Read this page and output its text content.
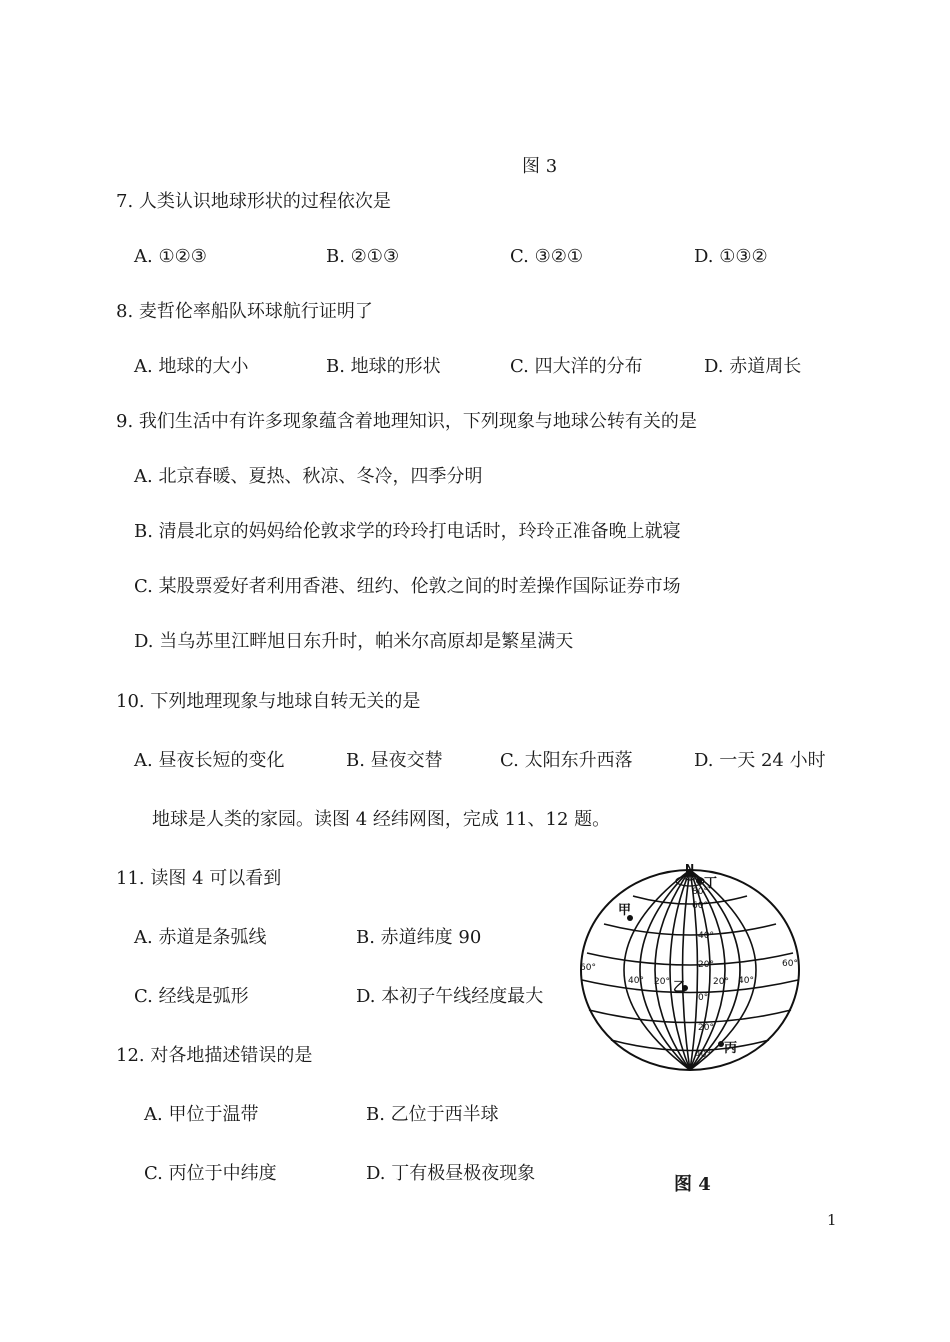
图 3
7. 人类认识地球形状的过程依次是
A. ①②③	B. ②①③	C. ③②①	D. ①③②
8. 麦哲伦率船队环球航行证明了
A. 地球的大小	B. 地球的形状	C. 四大洋的分布	D. 赤道周长
9. 我们生活中有许多现象蕴含着地理知识，下列现象与地球公转有关的是
A. 北京春暖、夏热、秋凉、冬冷，四季分明
B. 清晨北京的妈妈给伦敦求学的玲玲打电话时，玲玲正准备晚上就寝
C. 某股票爱好者利用香港、纽约、伦敦之间的时差操作国际证券市场
D. 当乌苏里江畔旭日东升时，帕米尔高原却是繁星满天
10. 下列地理现象与地球自转无关的是
A. 昼夜长短的变化	B. 昼夜交替	C. 太阳东升西落	D. 一天 24 小时
地球是人类的家园。读图 4 经纬网图，完成 11、12 题。
11. 读图 4 可以看到
A. 赤道是条弧线	B. 赤道纬度 90
C. 经线是弧形	D. 本初子午线经度最大
12. 对各地描述错误的是
A. 甲位于温带	B. 乙位于西半球
C. 丙位于中纬度	D. 丁有极昼极夜现象
N
甲
乙
丙
丁
80°
60°
40°
20°
0°
20°
40°
60°
40° 20°	20° 40°
60°
图 4
1
